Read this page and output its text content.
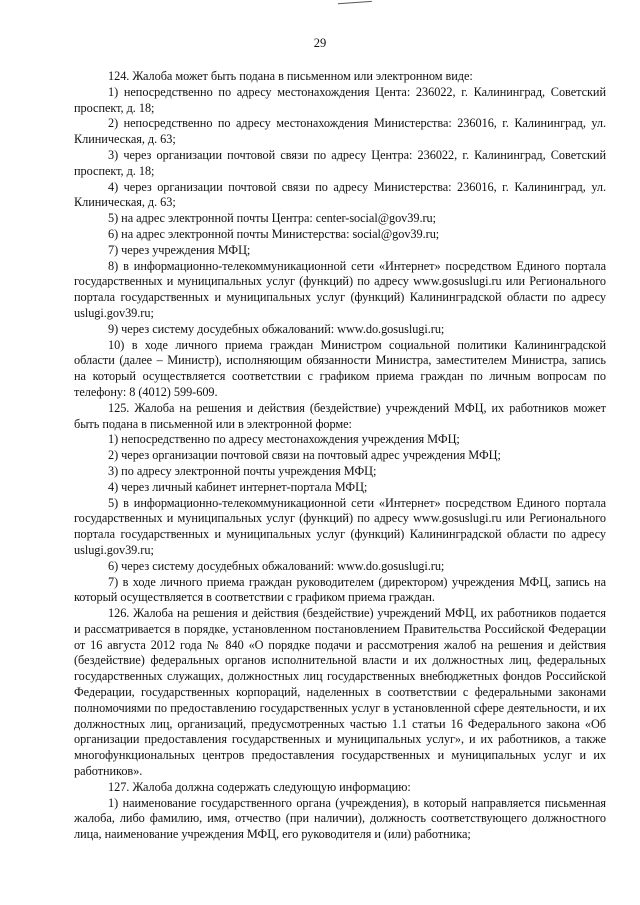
29

124. Жалоба может быть подана в письменном или электронном виде:

1) непосредственно по адресу местонахождения Цента: 236022, г. Калининград, Советский проспект, д. 18;

2) непосредственно по адресу местонахождения Министерства: 236016, г. Калининград, ул. Клиническая, д. 63;

3) через организации почтовой связи по адресу Центра: 236022, г. Калининград, Советский проспект, д. 18;

4) через организации почтовой связи по адресу Министерства: 236016, г. Калининград, ул. Клиническая, д. 63;

5) на адрес электронной почты Центра: center-social@gov39.ru;

6) на адрес электронной почты Министерства: social@gov39.ru;

7) через учреждения МФЦ;

8) в информационно-телекоммуникационной сети «Интернет» посредством Единого портала государственных и муниципальных услуг (функций) по адресу www.gosuslugi.ru или Регионального портала государственных и муниципальных услуг (функций) Калининградской области по адресу uslugi.gov39.ru;

9) через систему досудебных обжалований: www.do.gosuslugi.ru;

10) в ходе личного приема граждан Министром социальной политики Калининградской области (далее – Министр), исполняющим обязанности Министра, заместителем Министра, запись на который осуществляется соответствии с графиком приема граждан по личным вопросам по телефону: 8 (4012) 599-609.

125. Жалоба на решения и действия (бездействие) учреждений МФЦ, их работников может быть подана в письменной или в электронной форме:

1) непосредственно по адресу местонахождения учреждения МФЦ;

2) через организации почтовой связи на почтовый адрес учреждения МФЦ;

3) по адресу электронной почты учреждения МФЦ;

4) через личный кабинет интернет-портала МФЦ;

5) в информационно-телекоммуникационной сети «Интернет» посредством Единого портала государственных и муниципальных услуг (функций) по адресу www.gosuslugi.ru или Регионального портала государственных и муниципальных услуг (функций) Калининградской области по адресу uslugi.gov39.ru;

6) через систему досудебных обжалований: www.do.gosuslugi.ru;

7) в ходе личного приема граждан руководителем (директором) учреждения МФЦ, запись на который осуществляется в соответствии с графиком приема граждан.

126. Жалоба на решения и действия (бездействие) учреждений МФЦ, их работников подается и рассматривается в порядке, установленном постановлением Правительства Российской Федерации от 16 августа 2012 года № 840 «О порядке подачи и рассмотрения жалоб на решения и действия (бездействие) федеральных органов исполнительной власти и их должностных лиц, федеральных государственных служащих, должностных лиц государственных внебюджетных фондов Российской Федерации, государственных корпораций, наделенных в соответствии с федеральными законами полномочиями по предоставлению государственных услуг в установленной сфере деятельности, и их должностных лиц, организаций, предусмотренных частью 1.1 статьи 16 Федерального закона «Об организации предоставления государственных и муниципальных услуг», и их работников, а также многофункциональных центров предоставления государственных и муниципальных услуг и их работников».

127. Жалоба должна содержать следующую информацию:

1) наименование государственного органа (учреждения), в который направляется письменная жалоба, либо фамилию, имя, отчество (при наличии), должность соответствующего должностного лица, наименование учреждения МФЦ, его руководителя и (или) работника;
